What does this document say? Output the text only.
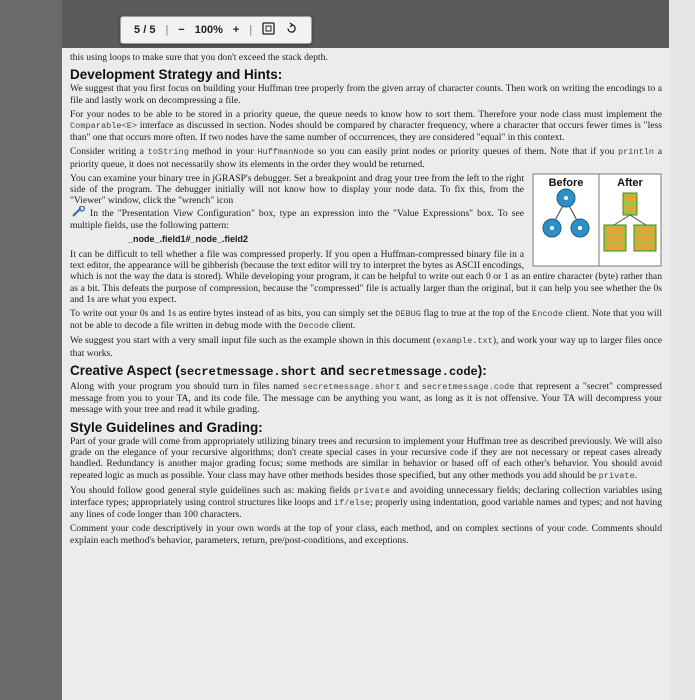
this using loops to make sure that you don't exceed the stack depth.

Development Strategy and Hints:

We suggest that you first focus on building your Huffman tree properly from the given array of character counts. Then work on writing the encodings to a file and lastly work on decompressing a file.

For your nodes to be able to be stored in a priority queue, the queue needs to know how to sort them. Therefore your node class must implement the Comparable<E> interface as discussed in section. Nodes should be compared by character frequency, where a character that occurs fewer times is "less than" one that occurs more often. If two nodes have the same number of occurrences, they are considered "equal" in this context.

Consider writing a toString method in your HuffmanNode so you can easily print nodes or priority queues of them. Note that if you println a priority queue, it does not necessarily show its elements in the order they would be returned.

Before	After

You can examine your binary tree in jGRASP's debugger. Set a breakpoint and drag your tree from the left to the right side of the program. The debugger initially will not know how to display your node data. To fix this, from the "Viewer" window, click the "wrench" icon
In the "Presentation View Configuration" box, type an expression into the "Value Expressions" box. To see multiple fields, use the following pattern:

_node_.field1#_node_.field2

It can be difficult to tell whether a file was compressed properly. If you open a Huffman-compressed binary file in a text editor, the appearance will be gibberish (because the text editor will try to interpret the bytes as ASCII encodings, which is not the way the data is stored). While developing your program, it can be helpful to write out each 0 or 1 as an entire character (byte) rather than as a bit. This defeats the purpose of compression, because the "compressed" file is actually larger than the original, but it can help you see whether the 0s and 1s are what you expect.

To write out your 0s and 1s as entire bytes instead of as bits, you can simply set the DEBUG flag to true at the top of the Encode client. Note that you will not be able to decode a file written in debug mode with the Decode client.

We suggest you start with a very small input file such as the example shown in this document (example.txt), and work your way up to larger files once that works.

Creative Aspect (secretmessage.short and secretmessage.code):

Along with your program you should turn in files named secretmessage.short and secretmessage.code that represent a "secret" compressed message from you to your TA, and its code file. The message can be anything you want, as long as it is not offensive. Your TA will decompress your message with your tree and read it while grading.

Style Guidelines and Grading:

Part of your grade will come from appropriately utilizing binary trees and recursion to implement your Huffman tree as described previously. We will also grade on the elegance of your recursive algorithms; don't create special cases in your recursive code if they are not necessary or repeat cases already handled. Redundancy is another major grading focus; some methods are similar in behavior or based off of each other's behavior. You should avoid repeated logic as much as possible. Your class may have other methods besides those specified, but any other methods you add should be private.

You should follow good general style guidelines such as: making fields private and avoiding unnecessary fields; declaring collection variables using interface types; appropriately using control structures like loops and if/else; properly using indentation, good variable names and types; and not having any lines of code longer than 100 characters.

Comment your code descriptively in your own words at the top of your class, each method, and on complex sections of your code. Comments should explain each method's behavior, parameters, return, pre/post-conditions, and exceptions.

5 / 5 | − 100% + |
